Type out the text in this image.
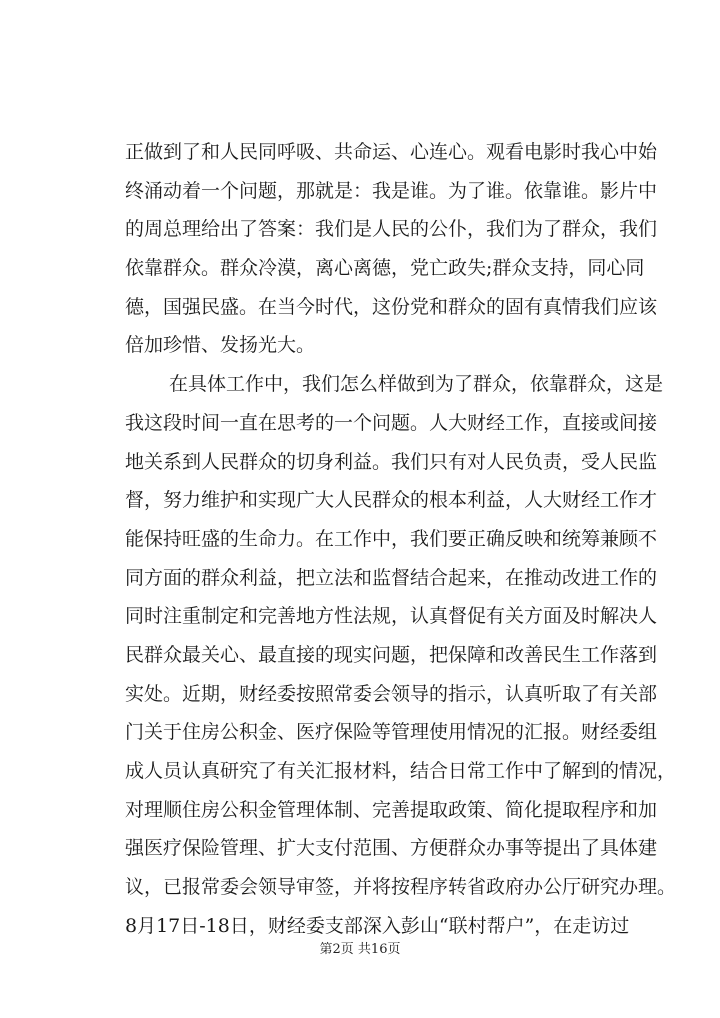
正做到了和人民同呼吸、共命运、心连心。观看电影时我心中始
终涌动着一个问题，那就是：我是谁。为了谁。依靠谁。影片中
的周总理给出了答案：我们是人民的公仆，我们为了群众，我们
依靠群众。群众冷漠，离心离德，党亡政失;群众支持，同心同
德，国强民盛。在当今时代，这份党和群众的固有真情我们应该
倍加珍惜、发扬光大。
在具体工作中，我们怎么样做到为了群众，依靠群众，这是
我这段时间一直在思考的一个问题。人大财经工作，直接或间接
地关系到人民群众的切身利益。我们只有对人民负责，受人民监
督，努力维护和实现广大人民群众的根本利益，人大财经工作才
能保持旺盛的生命力。在工作中，我们要正确反映和统筹兼顾不
同方面的群众利益，把立法和监督结合起来，在推动改进工作的
同时注重制定和完善地方性法规，认真督促有关方面及时解决人
民群众最关心、最直接的现实问题，把保障和改善民生工作落到
实处。近期，财经委按照常委会领导的指示，认真听取了有关部
门关于住房公积金、医疗保险等管理使用情况的汇报。财经委组
成人员认真研究了有关汇报材料，结合日常工作中了解到的情况，
对理顺住房公积金管理体制、完善提取政策、简化提取程序和加
强医疗保险管理、扩大支付范围、方便群众办事等提出了具体建
议，已报常委会领导审签，并将按程序转省政府办公厅研究办理。
8月17日-18日，财经委支部深入彭山“联村帮户”，在走访过
第2页 共16页
